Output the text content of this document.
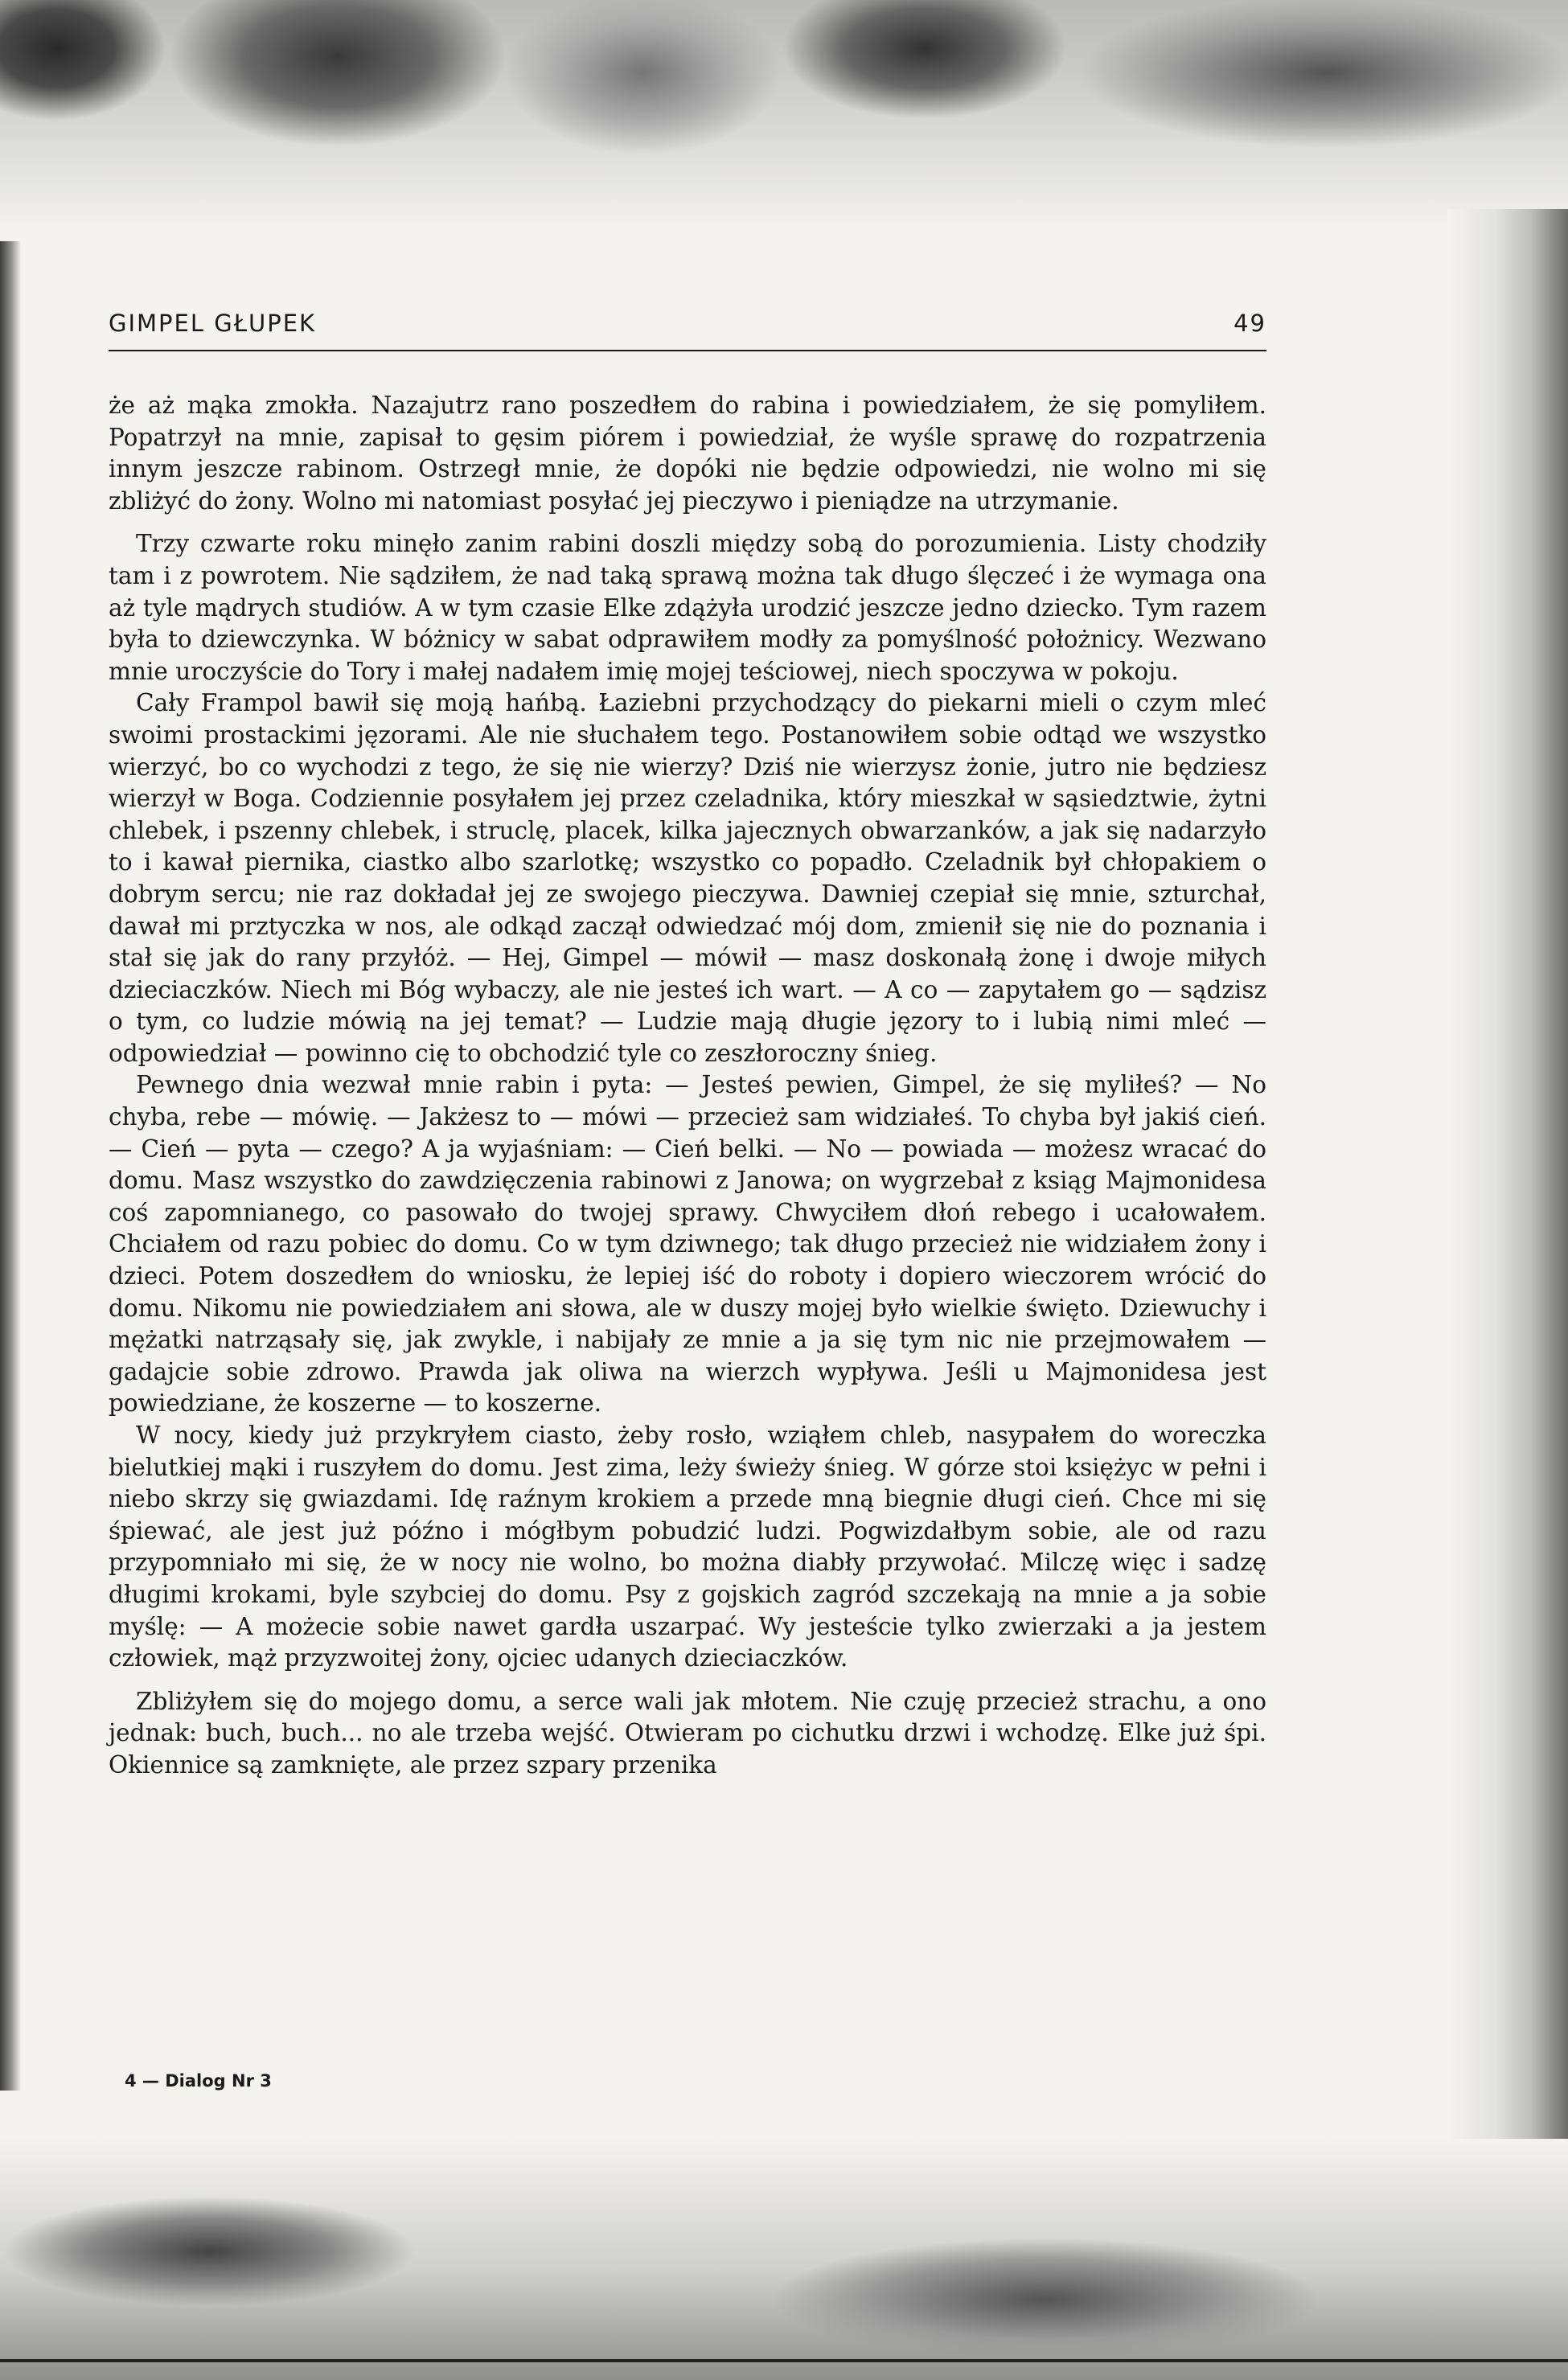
GIMPEL GŁUPEK	49

że aż mąka zmokła. Nazajutrz rano poszedłem do rabina i powiedziałem, że się pomyliłem. Popatrzył na mnie, zapisał to gęsim piórem i powiedział, że wyśle sprawę do rozpatrzenia innym jeszcze rabinom. Ostrzegł mnie, że dopóki nie będzie odpowiedzi, nie wolno mi się zbliżyć do żony. Wolno mi natomiast posyłać jej pieczywo i pieniądze na utrzymanie.

Trzy czwarte roku minęło zanim rabini doszli między sobą do porozumienia. Listy chodziły tam i z powrotem. Nie sądziłem, że nad taką sprawą można tak długo ślęczeć i że wymaga ona aż tyle mądrych studiów. A w tym czasie Elke zdążyła urodzić jeszcze jedno dziecko. Tym razem była to dziewczynka. W bóżnicy w sabat odprawiłem modły za pomyślność położnicy. Wezwano mnie uroczyście do Tory i małej nadałem imię mojej teściowej, niech spoczywa w pokoju.

Cały Frampol bawił się moją hańbą. Łaziebni przychodzący do piekarni mieli o czym mleć swoimi prostackimi jęzorami. Ale nie słuchałem tego. Postanowiłem sobie odtąd we wszystko wierzyć, bo co wychodzi z tego, że się nie wierzy? Dziś nie wierzysz żonie, jutro nie będziesz wierzył w Boga. Codziennie posyłałem jej przez czeladnika, który mieszkał w sąsiedztwie, żytni chlebek, i pszenny chlebek, i struclę, placek, kilka jajecznych obwarzanków, a jak się nadarzyło to i kawał piernika, ciastko albo szarlotkę; wszystko co popadło. Czeladnik był chłopakiem o dobrym sercu; nie raz dokładał jej ze swojego pieczywa. Dawniej czepiał się mnie, szturchał, dawał mi prztyczka w nos, ale odkąd zaczął odwiedzać mój dom, zmienił się nie do poznania i stał się jak do rany przyłóż. — Hej, Gimpel — mówił — masz doskonałą żonę i dwoje miłych dzieciaczków. Niech mi Bóg wybaczy, ale nie jesteś ich wart. — A co — zapytałem go — sądzisz o tym, co ludzie mówią na jej temat? — Ludzie mają długie jęzory to i lubią nimi mleć — odpowiedział — powinno cię to obchodzić tyle co zeszłoroczny śnieg.

Pewnego dnia wezwał mnie rabin i pyta: — Jesteś pewien, Gimpel, że się myliłeś? — No chyba, rebe — mówię. — Jakżesz to — mówi — przecież sam widziałeś. To chyba był jakiś cień. — Cień — pyta — czego? A ja wyjaśniam: — Cień belki. — No — powiada — możesz wracać do domu. Masz wszystko do zawdzięczenia rabinowi z Janowa; on wygrzebał z ksiąg Majmonidesa coś zapomnianego, co pasowało do twojej sprawy. Chwyciłem dłoń rebego i ucałowałem. Chciałem od razu pobiec do domu. Co w tym dziwnego; tak długo przecież nie widziałem żony i dzieci. Potem doszedłem do wniosku, że lepiej iść do roboty i dopiero wieczorem wrócić do domu. Nikomu nie powiedziałem ani słowa, ale w duszy mojej było wielkie święto. Dziewuchy i mężatki natrząsały się, jak zwykle, i nabijały ze mnie a ja się tym nic nie przejmowałem — gadajcie sobie zdrowo. Prawda jak oliwa na wierzch wypływa. Jeśli u Majmonidesa jest powiedziane, że koszerne — to koszerne.

W nocy, kiedy już przykryłem ciasto, żeby rosło, wziąłem chleb, nasypałem do woreczka bielutkiej mąki i ruszyłem do domu. Jest zima, leży świeży śnieg. W górze stoi księżyc w pełni i niebo skrzy się gwiazdami. Idę raźnym krokiem a przede mną biegnie długi cień. Chce mi się śpiewać, ale jest już późno i mógłbym pobudzić ludzi. Pogwizdałbym sobie, ale od razu przypomniało mi się, że w nocy nie wolno, bo można diabły przywołać. Milczę więc i sadzę długimi krokami, byle szybciej do domu. Psy z gojskich zagród szczekają na mnie a ja sobie myślę: — A możecie sobie nawet gardła uszarpać. Wy jesteście tylko zwierzaki a ja jestem człowiek, mąż przyzwoitej żony, ojciec udanych dzieciaczków.

Zbliżyłem się do mojego domu, a serce wali jak młotem. Nie czuję przecież strachu, a ono jednak: buch, buch... no ale trzeba wejść. Otwieram po cichutku drzwi i wchodzę. Elke już śpi. Okiennice są zamknięte, ale przez szpary przenika

4 — Dialog Nr 3
